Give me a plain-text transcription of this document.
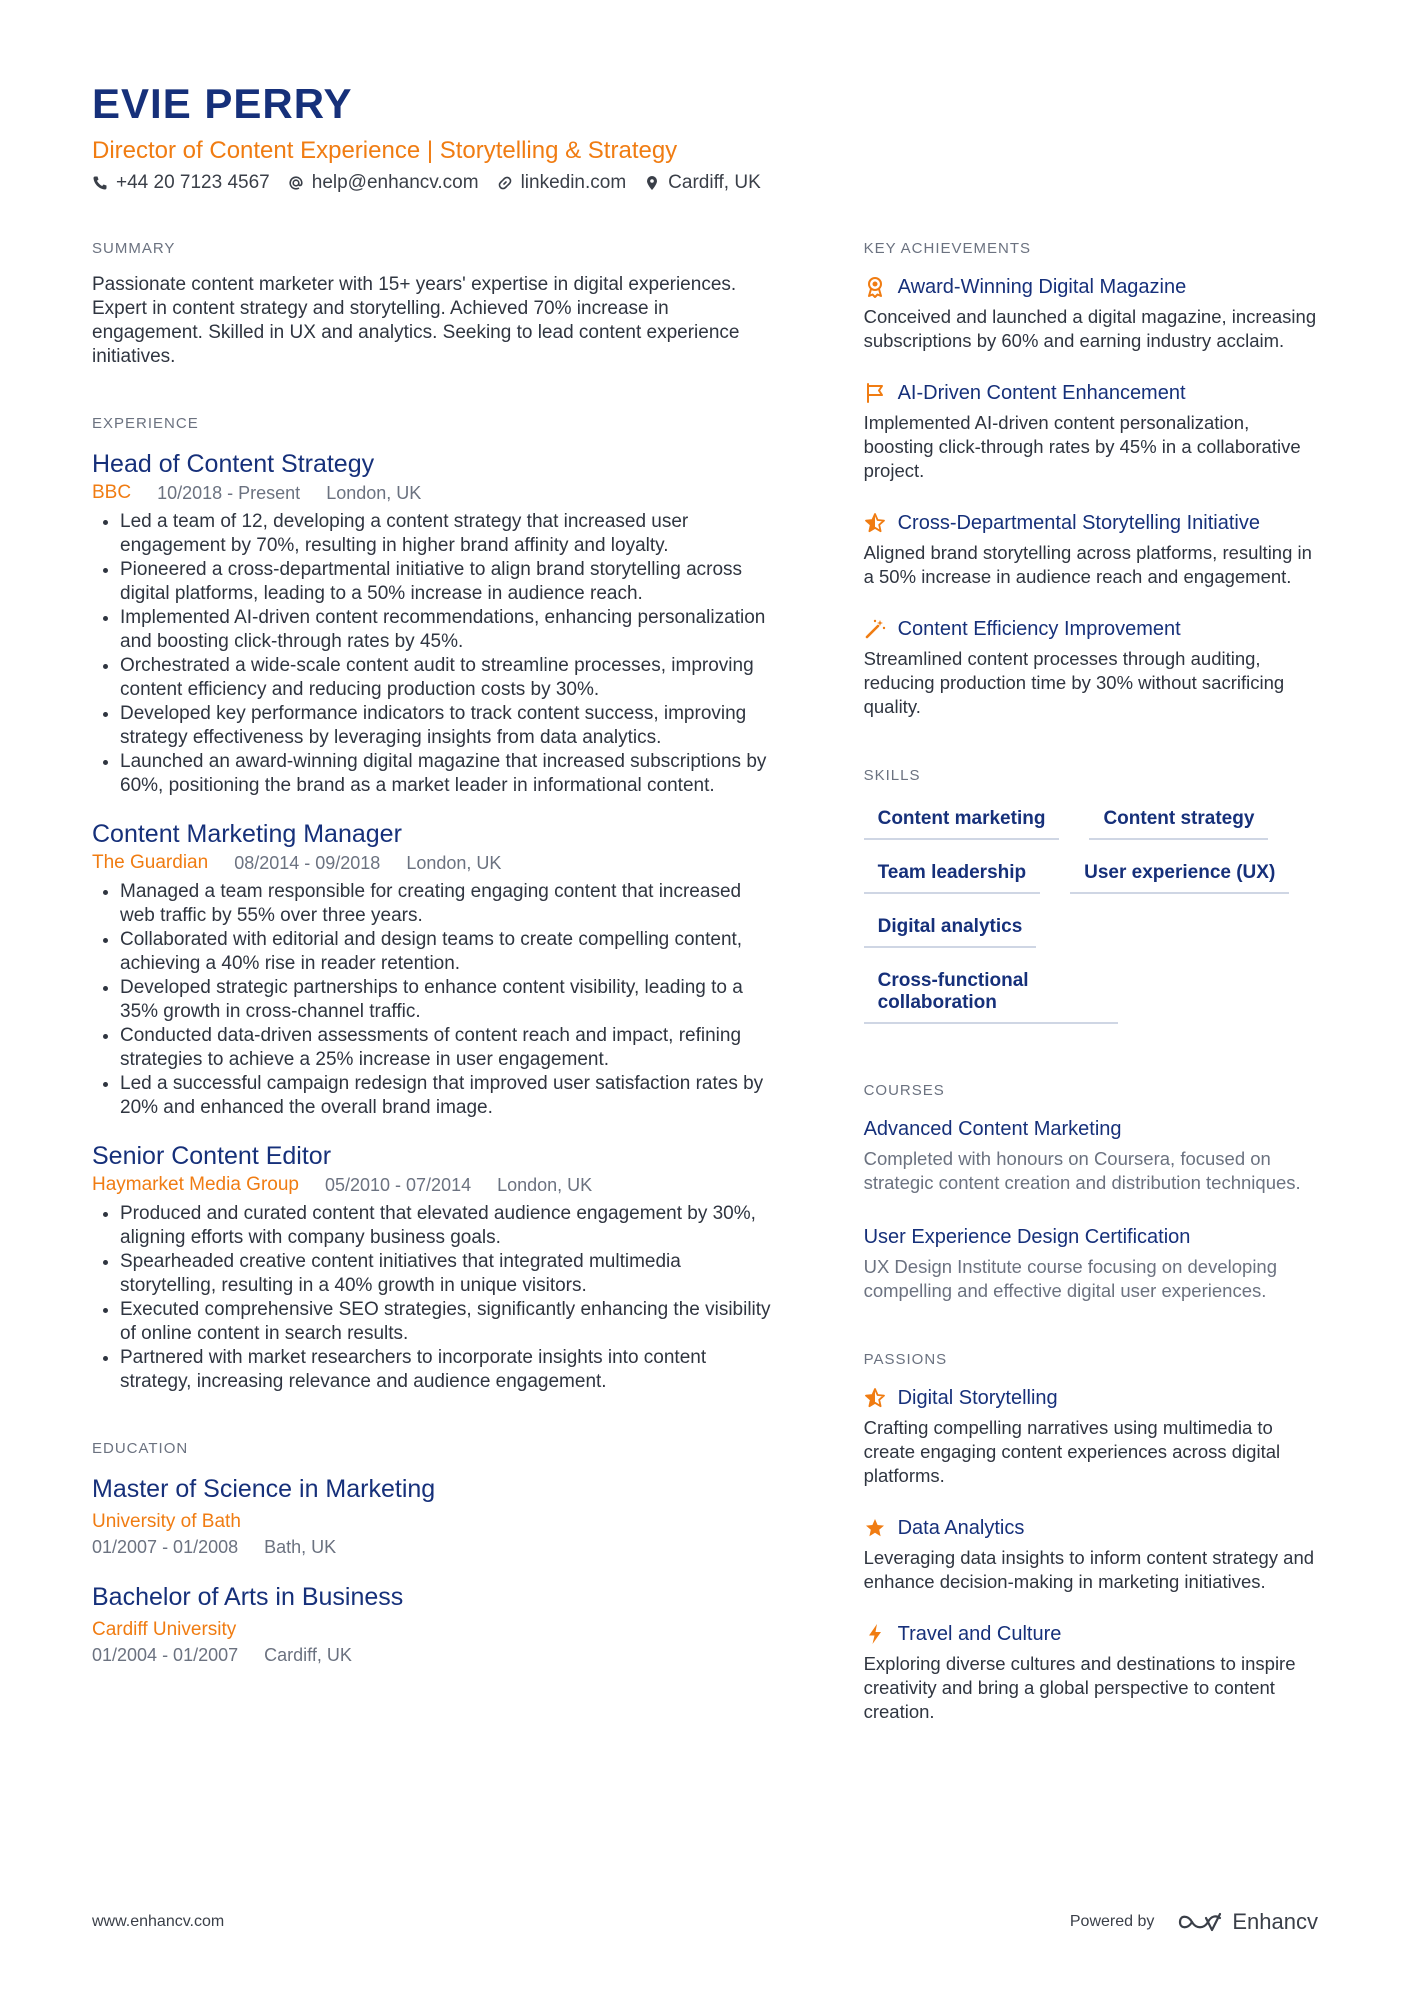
EVIE PERRY
Director of Content Experience | Storytelling & Strategy
+44 20 7123 4567 help@enhancv.com linkedin.com Cardiff, UK
SUMMARY

Passionate content marketer with 15+ years' expertise in digital experiences. Expert in content strategy and storytelling. Achieved 70% increase in engagement. Skilled in UX and analytics. Seeking to lead content experience initiatives.

EXPERIENCE
Head of Content Strategy
BBC 10/2018 - Present London, UK
• Led a team of 12, developing a content strategy that increased user engagement by 70%, resulting in higher brand affinity and loyalty.
• Pioneered a cross-departmental initiative to align brand storytelling across digital platforms, leading to a 50% increase in audience reach.
• Implemented AI-driven content recommendations, enhancing personalization and boosting click-through rates by 45%.
• Orchestrated a wide-scale content audit to streamline processes, improving content efficiency and reducing production costs by 30%.
• Developed key performance indicators to track content success, improving strategy effectiveness by leveraging insights from data analytics.
• Launched an award-winning digital magazine that increased subscriptions by 60%, positioning the brand as a market leader in informational content.
Content Marketing Manager
The Guardian 08/2014 - 09/2018 London, UK
• Managed a team responsible for creating engaging content that increased web traffic by 55% over three years.
• Collaborated with editorial and design teams to create compelling content, achieving a 40% rise in reader retention.
• Developed strategic partnerships to enhance content visibility, leading to a 35% growth in cross-channel traffic.
• Conducted data-driven assessments of content reach and impact, refining strategies to achieve a 25% increase in user engagement.
• Led a successful campaign redesign that improved user satisfaction rates by 20% and enhanced the overall brand image.
Senior Content Editor
Haymarket Media Group 05/2010 - 07/2014 London, UK
• Produced and curated content that elevated audience engagement by 30%, aligning efforts with company business goals.
• Spearheaded creative content initiatives that integrated multimedia storytelling, resulting in a 40% growth in unique visitors.
• Executed comprehensive SEO strategies, significantly enhancing the visibility of online content in search results.
• Partnered with market researchers to incorporate insights into content strategy, increasing relevance and audience engagement.
EDUCATION
Master of Science in Marketing
University of Bath
01/2007 - 01/2008 Bath, UK
Bachelor of Arts in Business
Cardiff University
01/2004 - 01/2007 Cardiff, UK
KEY ACHIEVEMENTS
Award-Winning Digital Magazine
Conceived and launched a digital magazine, increasing subscriptions by 60% and earning industry acclaim.
AI-Driven Content Enhancement
Implemented AI-driven content personalization, boosting click-through rates by 45% in a collaborative project.
Cross-Departmental Storytelling Initiative
Aligned brand storytelling across platforms, resulting in a 50% increase in audience reach and engagement.
Content Efficiency Improvement
Streamlined content processes through auditing, reducing production time by 30% without sacrificing quality.
SKILLS
Content marketing	Content strategy
Team leadership	User experience (UX)
Digital analytics
Cross-functional collaboration
COURSES
Advanced Content Marketing
Completed with honours on Coursera, focused on strategic content creation and distribution techniques.
User Experience Design Certification
UX Design Institute course focusing on developing compelling and effective digital user experiences.
PASSIONS
Digital Storytelling
Crafting compelling narratives using multimedia to create engaging content experiences across digital platforms.
Data Analytics
Leveraging data insights to inform content strategy and enhance decision-making in marketing initiatives.
Travel and Culture
Exploring diverse cultures and destinations to inspire creativity and bring a global perspective to content creation.
www.enhancv.com	Powered by	Enhancv
